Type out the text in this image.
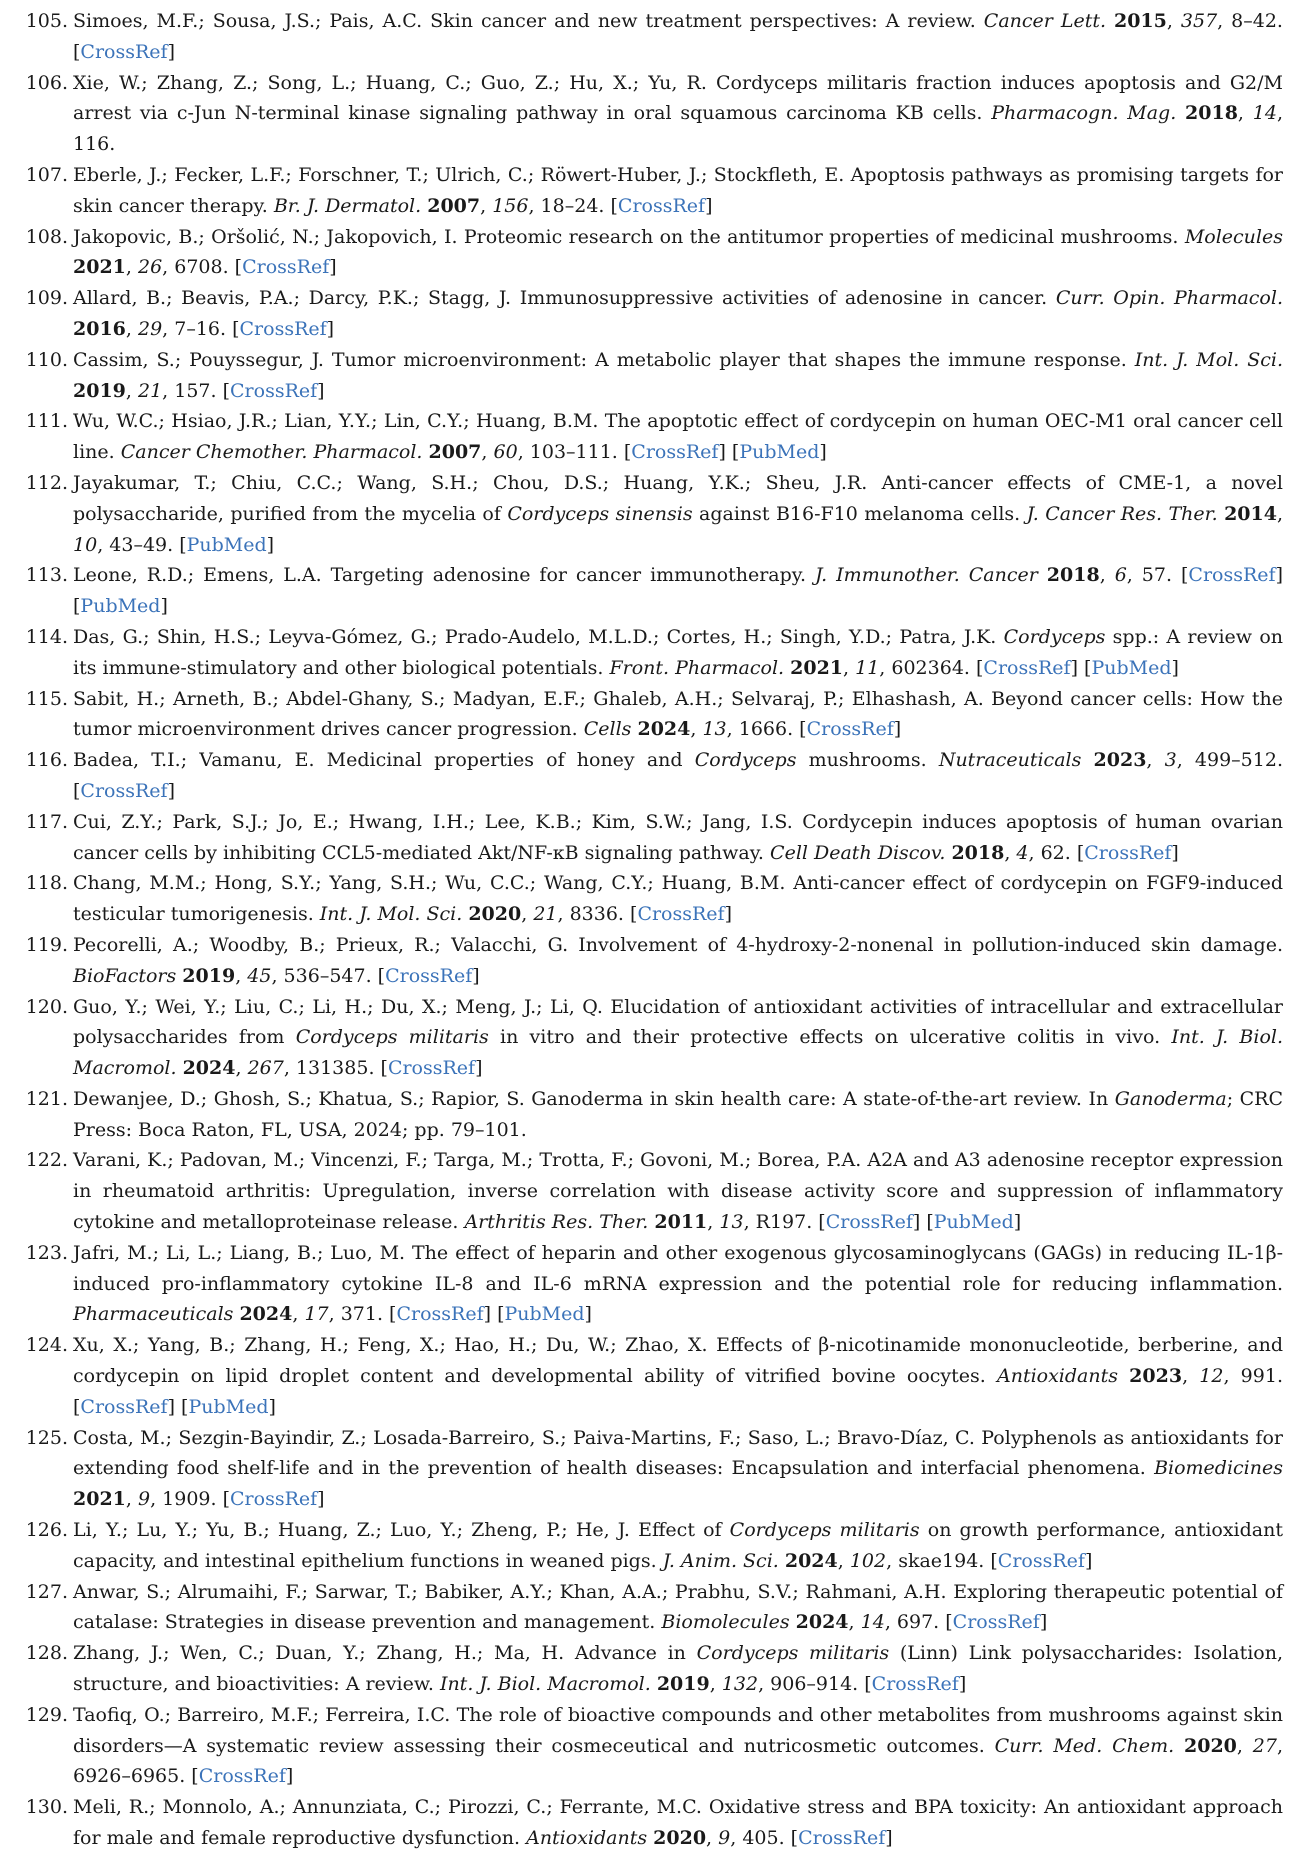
105. Simoes, M.F.; Sousa, J.S.; Pais, A.C. Skin cancer and new treatment perspectives: A review. Cancer Lett. 2015, 357, 8–42. [CrossRef]
106. Xie, W.; Zhang, Z.; Song, L.; Huang, C.; Guo, Z.; Hu, X.; Yu, R. Cordyceps militaris fraction induces apoptosis and G2/M arrest via c-Jun N-terminal kinase signaling pathway in oral squamous carcinoma KB cells. Pharmacogn. Mag. 2018, 14, 116.
107. Eberle, J.; Fecker, L.F.; Forschner, T.; Ulrich, C.; Röwert-Huber, J.; Stockfleth, E. Apoptosis pathways as promising targets for skin cancer therapy. Br. J. Dermatol. 2007, 156, 18–24. [CrossRef]
108. Jakopovic, B.; Oršolić, N.; Jakopovich, I. Proteomic research on the antitumor properties of medicinal mushrooms. Molecules 2021, 26, 6708. [CrossRef]
109. Allard, B.; Beavis, P.A.; Darcy, P.K.; Stagg, J. Immunosuppressive activities of adenosine in cancer. Curr. Opin. Pharmacol. 2016, 29, 7–16. [CrossRef]
110. Cassim, S.; Pouyssegur, J. Tumor microenvironment: A metabolic player that shapes the immune response. Int. J. Mol. Sci. 2019, 21, 157. [CrossRef]
111. Wu, W.C.; Hsiao, J.R.; Lian, Y.Y.; Lin, C.Y.; Huang, B.M. The apoptotic effect of cordycepin on human OEC-M1 oral cancer cell line. Cancer Chemother. Pharmacol. 2007, 60, 103–111. [CrossRef] [PubMed]
112. Jayakumar, T.; Chiu, C.C.; Wang, S.H.; Chou, D.S.; Huang, Y.K.; Sheu, J.R. Anti-cancer effects of CME-1, a novel polysaccharide, purified from the mycelia of Cordyceps sinensis against B16-F10 melanoma cells. J. Cancer Res. Ther. 2014, 10, 43–49. [PubMed]
113. Leone, R.D.; Emens, L.A. Targeting adenosine for cancer immunotherapy. J. Immunother. Cancer 2018, 6, 57. [CrossRef] [PubMed]
114. Das, G.; Shin, H.S.; Leyva-Gómez, G.; Prado-Audelo, M.L.D.; Cortes, H.; Singh, Y.D.; Patra, J.K. Cordyceps spp.: A review on its immune-stimulatory and other biological potentials. Front. Pharmacol. 2021, 11, 602364. [CrossRef] [PubMed]
115. Sabit, H.; Arneth, B.; Abdel-Ghany, S.; Madyan, E.F.; Ghaleb, A.H.; Selvaraj, P.; Elhashash, A. Beyond cancer cells: How the tumor microenvironment drives cancer progression. Cells 2024, 13, 1666. [CrossRef]
116. Badea, T.I.; Vamanu, E. Medicinal properties of honey and Cordyceps mushrooms. Nutraceuticals 2023, 3, 499–512. [CrossRef]
117. Cui, Z.Y.; Park, S.J.; Jo, E.; Hwang, I.H.; Lee, K.B.; Kim, S.W.; Jang, I.S. Cordycepin induces apoptosis of human ovarian cancer cells by inhibiting CCL5-mediated Akt/NF-κB signaling pathway. Cell Death Discov. 2018, 4, 62. [CrossRef]
118. Chang, M.M.; Hong, S.Y.; Yang, S.H.; Wu, C.C.; Wang, C.Y.; Huang, B.M. Anti-cancer effect of cordycepin on FGF9-induced testicular tumorigenesis. Int. J. Mol. Sci. 2020, 21, 8336. [CrossRef]
119. Pecorelli, A.; Woodby, B.; Prieux, R.; Valacchi, G. Involvement of 4-hydroxy-2-nonenal in pollution-induced skin damage. BioFactors 2019, 45, 536–547. [CrossRef]
120. Guo, Y.; Wei, Y.; Liu, C.; Li, H.; Du, X.; Meng, J.; Li, Q. Elucidation of antioxidant activities of intracellular and extracellular polysaccharides from Cordyceps militaris in vitro and their protective effects on ulcerative colitis in vivo. Int. J. Biol. Macromol. 2024, 267, 131385. [CrossRef]
121. Dewanjee, D.; Ghosh, S.; Khatua, S.; Rapior, S. Ganoderma in skin health care: A state-of-the-art review. In Ganoderma; CRC Press: Boca Raton, FL, USA, 2024; pp. 79–101.
122. Varani, K.; Padovan, M.; Vincenzi, F.; Targa, M.; Trotta, F.; Govoni, M.; Borea, P.A. A2A and A3 adenosine receptor expression in rheumatoid arthritis: Upregulation, inverse correlation with disease activity score and suppression of inflammatory cytokine and metalloproteinase release. Arthritis Res. Ther. 2011, 13, R197. [CrossRef] [PubMed]
123. Jafri, M.; Li, L.; Liang, B.; Luo, M. The effect of heparin and other exogenous glycosaminoglycans (GAGs) in reducing IL-1β-induced pro-inflammatory cytokine IL-8 and IL-6 mRNA expression and the potential role for reducing inflammation. Pharmaceuticals 2024, 17, 371. [CrossRef] [PubMed]
124. Xu, X.; Yang, B.; Zhang, H.; Feng, X.; Hao, H.; Du, W.; Zhao, X. Effects of β-nicotinamide mononucleotide, berberine, and cordycepin on lipid droplet content and developmental ability of vitrified bovine oocytes. Antioxidants 2023, 12, 991. [CrossRef] [PubMed]
125. Costa, M.; Sezgin-Bayindir, Z.; Losada-Barreiro, S.; Paiva-Martins, F.; Saso, L.; Bravo-Díaz, C. Polyphenols as antioxidants for extending food shelf-life and in the prevention of health diseases: Encapsulation and interfacial phenomena. Biomedicines 2021, 9, 1909. [CrossRef]
126. Li, Y.; Lu, Y.; Yu, B.; Huang, Z.; Luo, Y.; Zheng, P.; He, J. Effect of Cordyceps militaris on growth performance, antioxidant capacity, and intestinal epithelium functions in weaned pigs. J. Anim. Sci. 2024, 102, skae194. [CrossRef]
127. Anwar, S.; Alrumaihi, F.; Sarwar, T.; Babiker, A.Y.; Khan, A.A.; Prabhu, S.V.; Rahmani, A.H. Exploring therapeutic potential of catalase: Strategies in disease prevention and management. Biomolecules 2024, 14, 697. [CrossRef]
128. Zhang, J.; Wen, C.; Duan, Y.; Zhang, H.; Ma, H. Advance in Cordyceps militaris (Linn) Link polysaccharides: Isolation, structure, and bioactivities: A review. Int. J. Biol. Macromol. 2019, 132, 906–914. [CrossRef]
129. Taofiq, O.; Barreiro, M.F.; Ferreira, I.C. The role of bioactive compounds and other metabolites from mushrooms against skin disorders—A systematic review assessing their cosmeceutical and nutricosmetic outcomes. Curr. Med. Chem. 2020, 27, 6926–6965. [CrossRef]
130. Meli, R.; Monnolo, A.; Annunziata, C.; Pirozzi, C.; Ferrante, M.C. Oxidative stress and BPA toxicity: An antioxidant approach for male and female reproductive dysfunction. Antioxidants 2020, 9, 405. [CrossRef]
